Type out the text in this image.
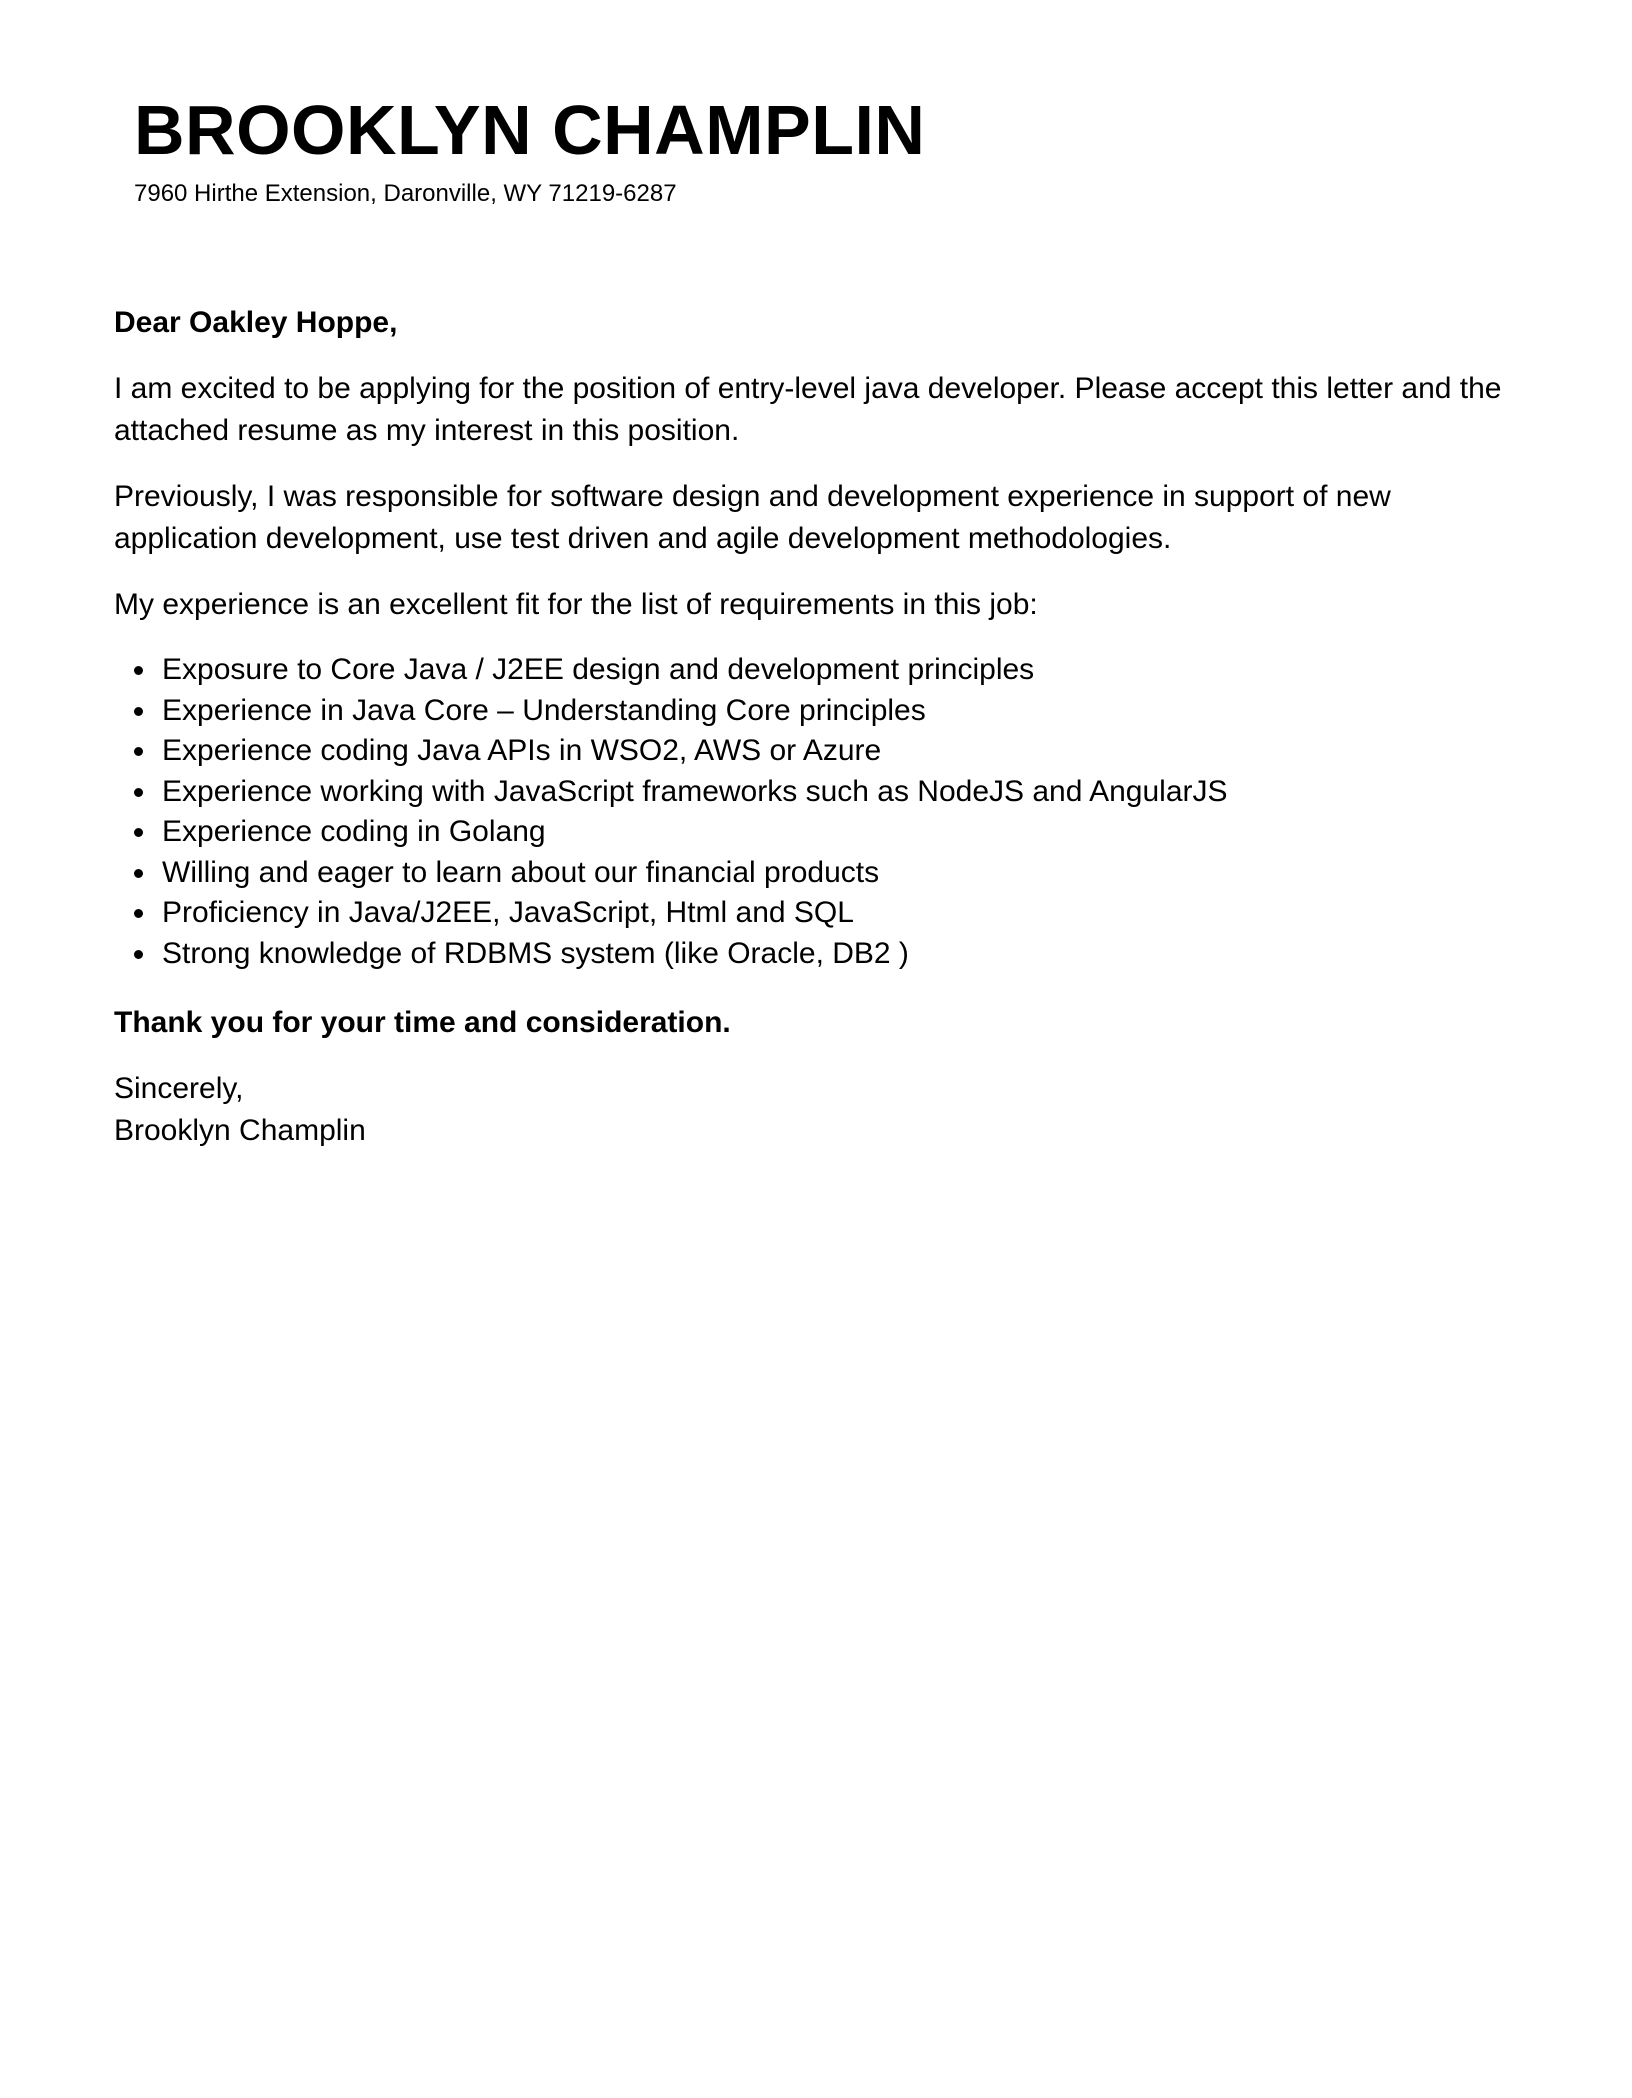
BROOKLYN CHAMPLIN
7960 Hirthe Extension, Daronville, WY 71219-6287

Dear Oakley Hoppe,

I am excited to be applying for the position of entry-level java developer. Please accept this letter and the attached resume as my interest in this position.

Previously, I was responsible for software design and development experience in support of new application development, use test driven and agile development methodologies.

My experience is an excellent fit for the list of requirements in this job:

Exposure to Core Java / J2EE design and development principles
Experience in Java Core – Understanding Core principles
Experience coding Java APIs in WSO2, AWS or Azure
Experience working with JavaScript frameworks such as NodeJS and AngularJS
Experience coding in Golang
Willing and eager to learn about our financial products
Proficiency in Java/J2EE, JavaScript, Html and SQL
Strong knowledge of RDBMS system (like Oracle, DB2 )

Thank you for your time and consideration.

Sincerely,
Brooklyn Champlin
